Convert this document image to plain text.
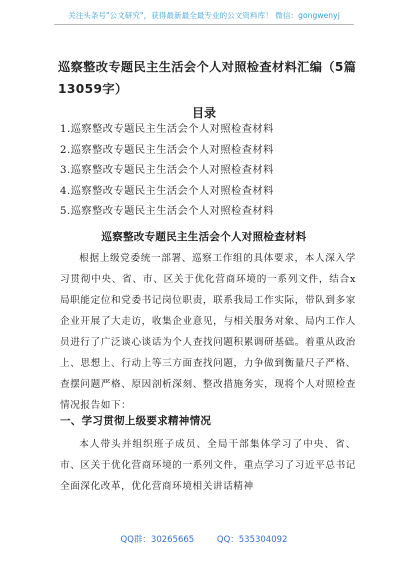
关注头条号"公文研究"，获得最新最全最专业的公文资料库！ 微信：gongwenyj
巡察整改专题民主生活会个人对照检查材料汇编（5篇 13059字）
目录
1.巡察整改专题民主生活会个人对照检查材料
2.巡察整改专题民主生活会个人对照检查材料
3.巡察整改专题民主生活会个人对照检查材料
4.巡察整改专题民主生活会个人对照检查材料
5.巡察整改专题民主生活会个人对照检查材料
巡察整改专题民主生活会个人对照检查材料

根据上级党委统一部署、巡察工作组的具体要求，本人深入学习贯彻中央、省、市、区关于优化营商环境的一系列文件，结合x局职能定位和党委书记岗位职责，联系我局工作实际，带队到多家企业开展了大走访，收集企业意见，与相关服务对象、局内工作人员进行了广泛谈心谈话为个人查找问题积累调研基础。着重从政治上、思想上、行动上等三方面查找问题，力争做到衡量尺子严格、查摆问题严格、原因剖析深刻、整改措施务实，现将个人对照检查情况报告如下：

一、学习贯彻上级要求精神情况

本人带头并组织班子成员、全局干部集体学习了中央、省、市、区关于优化营商环境的一系列文件，重点学习了习近平总书记全面深化改革，优化营商环境相关讲话精神

QQ群：30265665	QQ：535304092
